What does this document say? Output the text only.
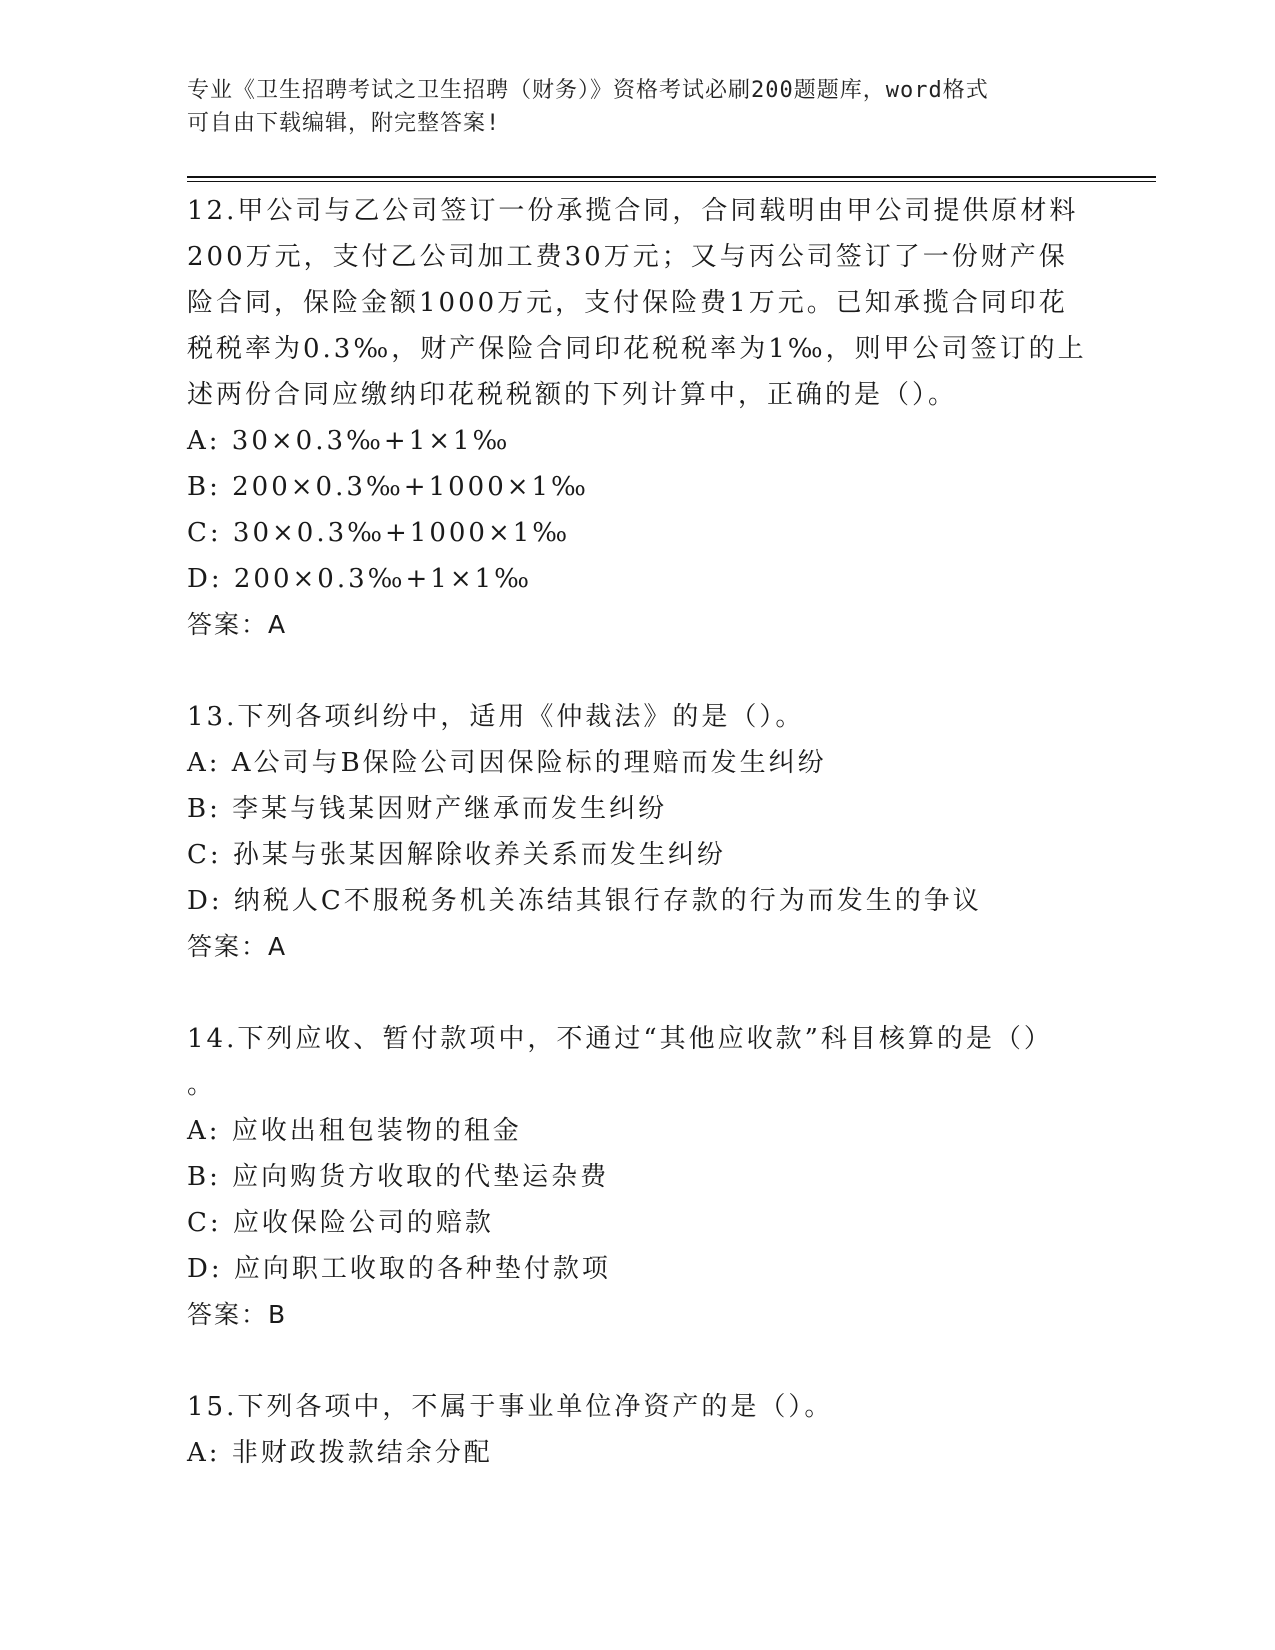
专业《卫生招聘考试之卫生招聘（财务）》资格考试必刷200题题库，word格式
可自由下载编辑，附完整答案!
12.甲公司与乙公司签订一份承揽合同，合同载明由甲公司提供原材料
200万元，支付乙公司加工费30万元；又与丙公司签订了一份财产保
险合同，保险金额1000万元，支付保险费1万元。已知承揽合同印花
税税率为0.3‰，财产保险合同印花税税率为1‰，则甲公司签订的上
述两份合同应缴纳印花税税额的下列计算中，正确的是（）。
A: 30×0.3‰+1×1‰
B: 200×0.3‰+1000×1‰
C: 30×0.3‰+1000×1‰
D: 200×0.3‰+1×1‰
答案：A
13.下列各项纠纷中，适用《仲裁法》的是（）。
A: A公司与B保险公司因保险标的理赔而发生纠纷
B: 李某与钱某因财产继承而发生纠纷
C: 孙某与张某因解除收养关系而发生纠纷
D: 纳税人C不服税务机关冻结其银行存款的行为而发生的争议
答案：A
14.下列应收、暂付款项中，不通过“其他应收款”科目核算的是（）
。
A: 应收出租包装物的租金
B: 应向购货方收取的代垫运杂费
C: 应收保险公司的赔款
D: 应向职工收取的各种垫付款项
答案：B
15.下列各项中，不属于事业单位净资产的是（）。
A: 非财政拨款结余分配
